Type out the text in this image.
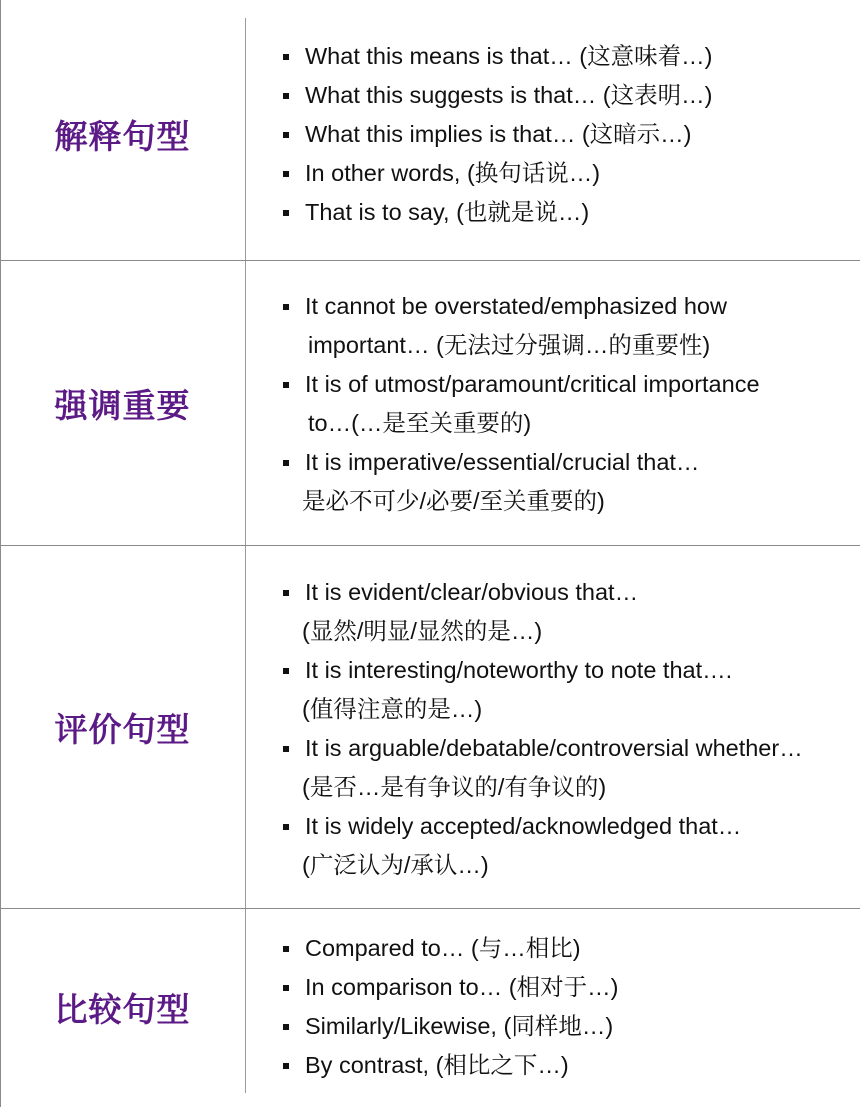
解释句型
What this means is that… (这意味着…)
What this suggests is that… (这表明…)
What this implies is that… (这暗示…)
In other words, (换句话说…)
That is to say, (也就是说…)
强调重要
It cannot be overstated/emphasized how
important… (无法过分强调…的重要性)
It is of utmost/paramount/critical importance
to…(…是至关重要的)
It is imperative/essential/crucial that…
是必不可少/必要/至关重要的)
评价句型
It is evident/clear/obvious that…
(显然/明显/显然的是…)
It is interesting/noteworthy to note that….
(值得注意的是…)
It is arguable/debatable/controversial whether…
(是否…是有争议的/有争议的)
It is widely accepted/acknowledged that…
(广泛认为/承认…)
比较句型
Compared to… (与…相比)
In comparison to… (相对于…)
Similarly/Likewise, (同样地…)
By contrast, (相比之下…)
